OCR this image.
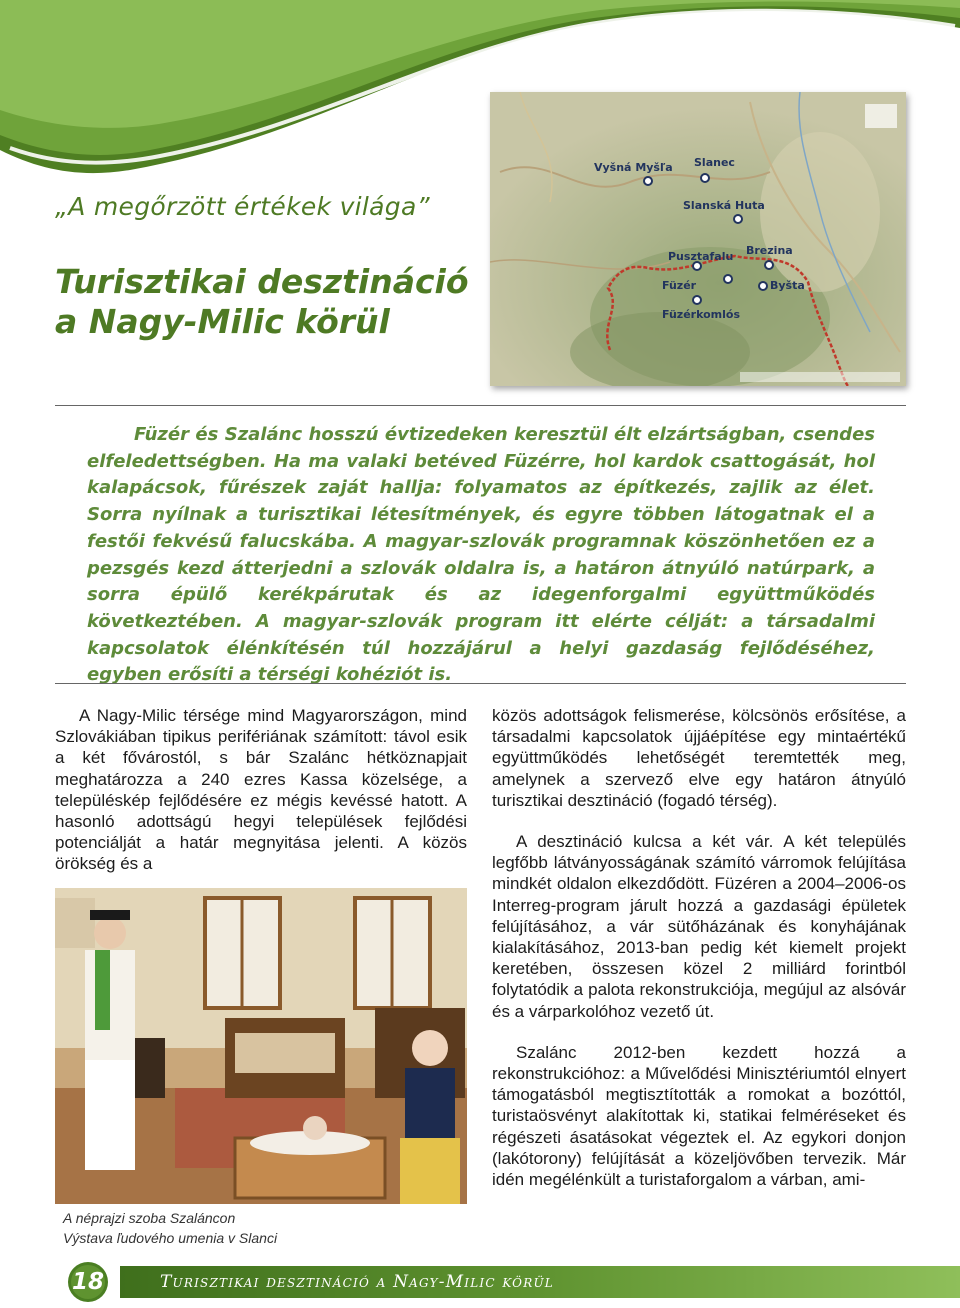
„A megőrzött értékek világa”
Turisztikai desztináció
a Nagy-Milic körül
Vyšná Myšľa Slanec
Slanská Huta
Pusztafalu Brezina
Füzér	Byšta
Füzérkomlós

Füzér és Szalánc hosszú évtizedeken keresztül élt elzártságban, csendes elfeledettségben. Ha ma valaki betéved Füzérre, hol kardok csattogását, hol kalapácsok, fűrészek zaját hallja: folyamatos az építkezés, zajlik az élet. Sorra nyílnak a turisztikai létesítmények, és egyre többen látogatnak el a festői fekvésű falucskába. A magyar-szlovák programnak köszönhetően ez a pezsgés kezd átterjedni a szlovák oldalra is, a határon átnyúló natúrpark, a sorra épülő kerékpárutak és az idegenforgalmi együttműködés következtében. A magyar-szlovák program itt elérte célját: a társadalmi kapcsolatok élénkítésén túl hozzájárul a helyi gazdaság fejlődéséhez, egyben erősíti a térségi kohéziót is.

A Nagy-Milic térsége mind Magyarországon, mind Szlovákiában tipikus perifériának számított: távol esik a két fővárostól, s bár Szalánc hétköznapjait meghatározza a 240 ezres Kassa közelsége, a településkép fejlődésére ez mégis kevéssé hatott. A hasonló adottságú hegyi települések fejlődési potenciálját a határ megnyitása jelenti. A közös örökség és a

A néprajzi szoba Szaláncon
Výstava ľudového umenia v Slanci

közös adottságok felismerése, kölcsönös erősítése, a társadalmi kapcsolatok újjáépítése egy mintaértékű együttműködés lehetőségét teremtették meg, amelynek a szervező elve egy határon átnyúló turisztikai desztináció (fogadó térség).

A desztináció kulcsa a két vár. A két település legfőbb látványosságának számító várromok felújítása mindkét oldalon elkezdődött. Füzéren a 2004–2006-os Interreg-program járult hozzá a gazdasági épületek felújításához, a vár sütőházának és konyhájának kialakításához, 2013-ban pedig két kiemelt projekt keretében, összesen közel 2 milliárd forintból folytatódik a palota rekonstrukciója, megújul az alsóvár és a várparkolóhoz vezető út.

Szalánc 2012-ben kezdett hozzá a rekonstrukcióhoz: a Művelődési Minisztériumtól elnyert támogatásból megtisztították a romokat a bozóttól, turistaösvényt alakítottak ki, statikai felméréseket és régészeti ásatásokat végeztek el. Az egykori donjon (lakótorony) felújítását a közeljövőben tervezik. Már idén megélénkült a turistaforgalom a várban, ami-

18	Turisztikai desztináció a Nagy-Milic körül
